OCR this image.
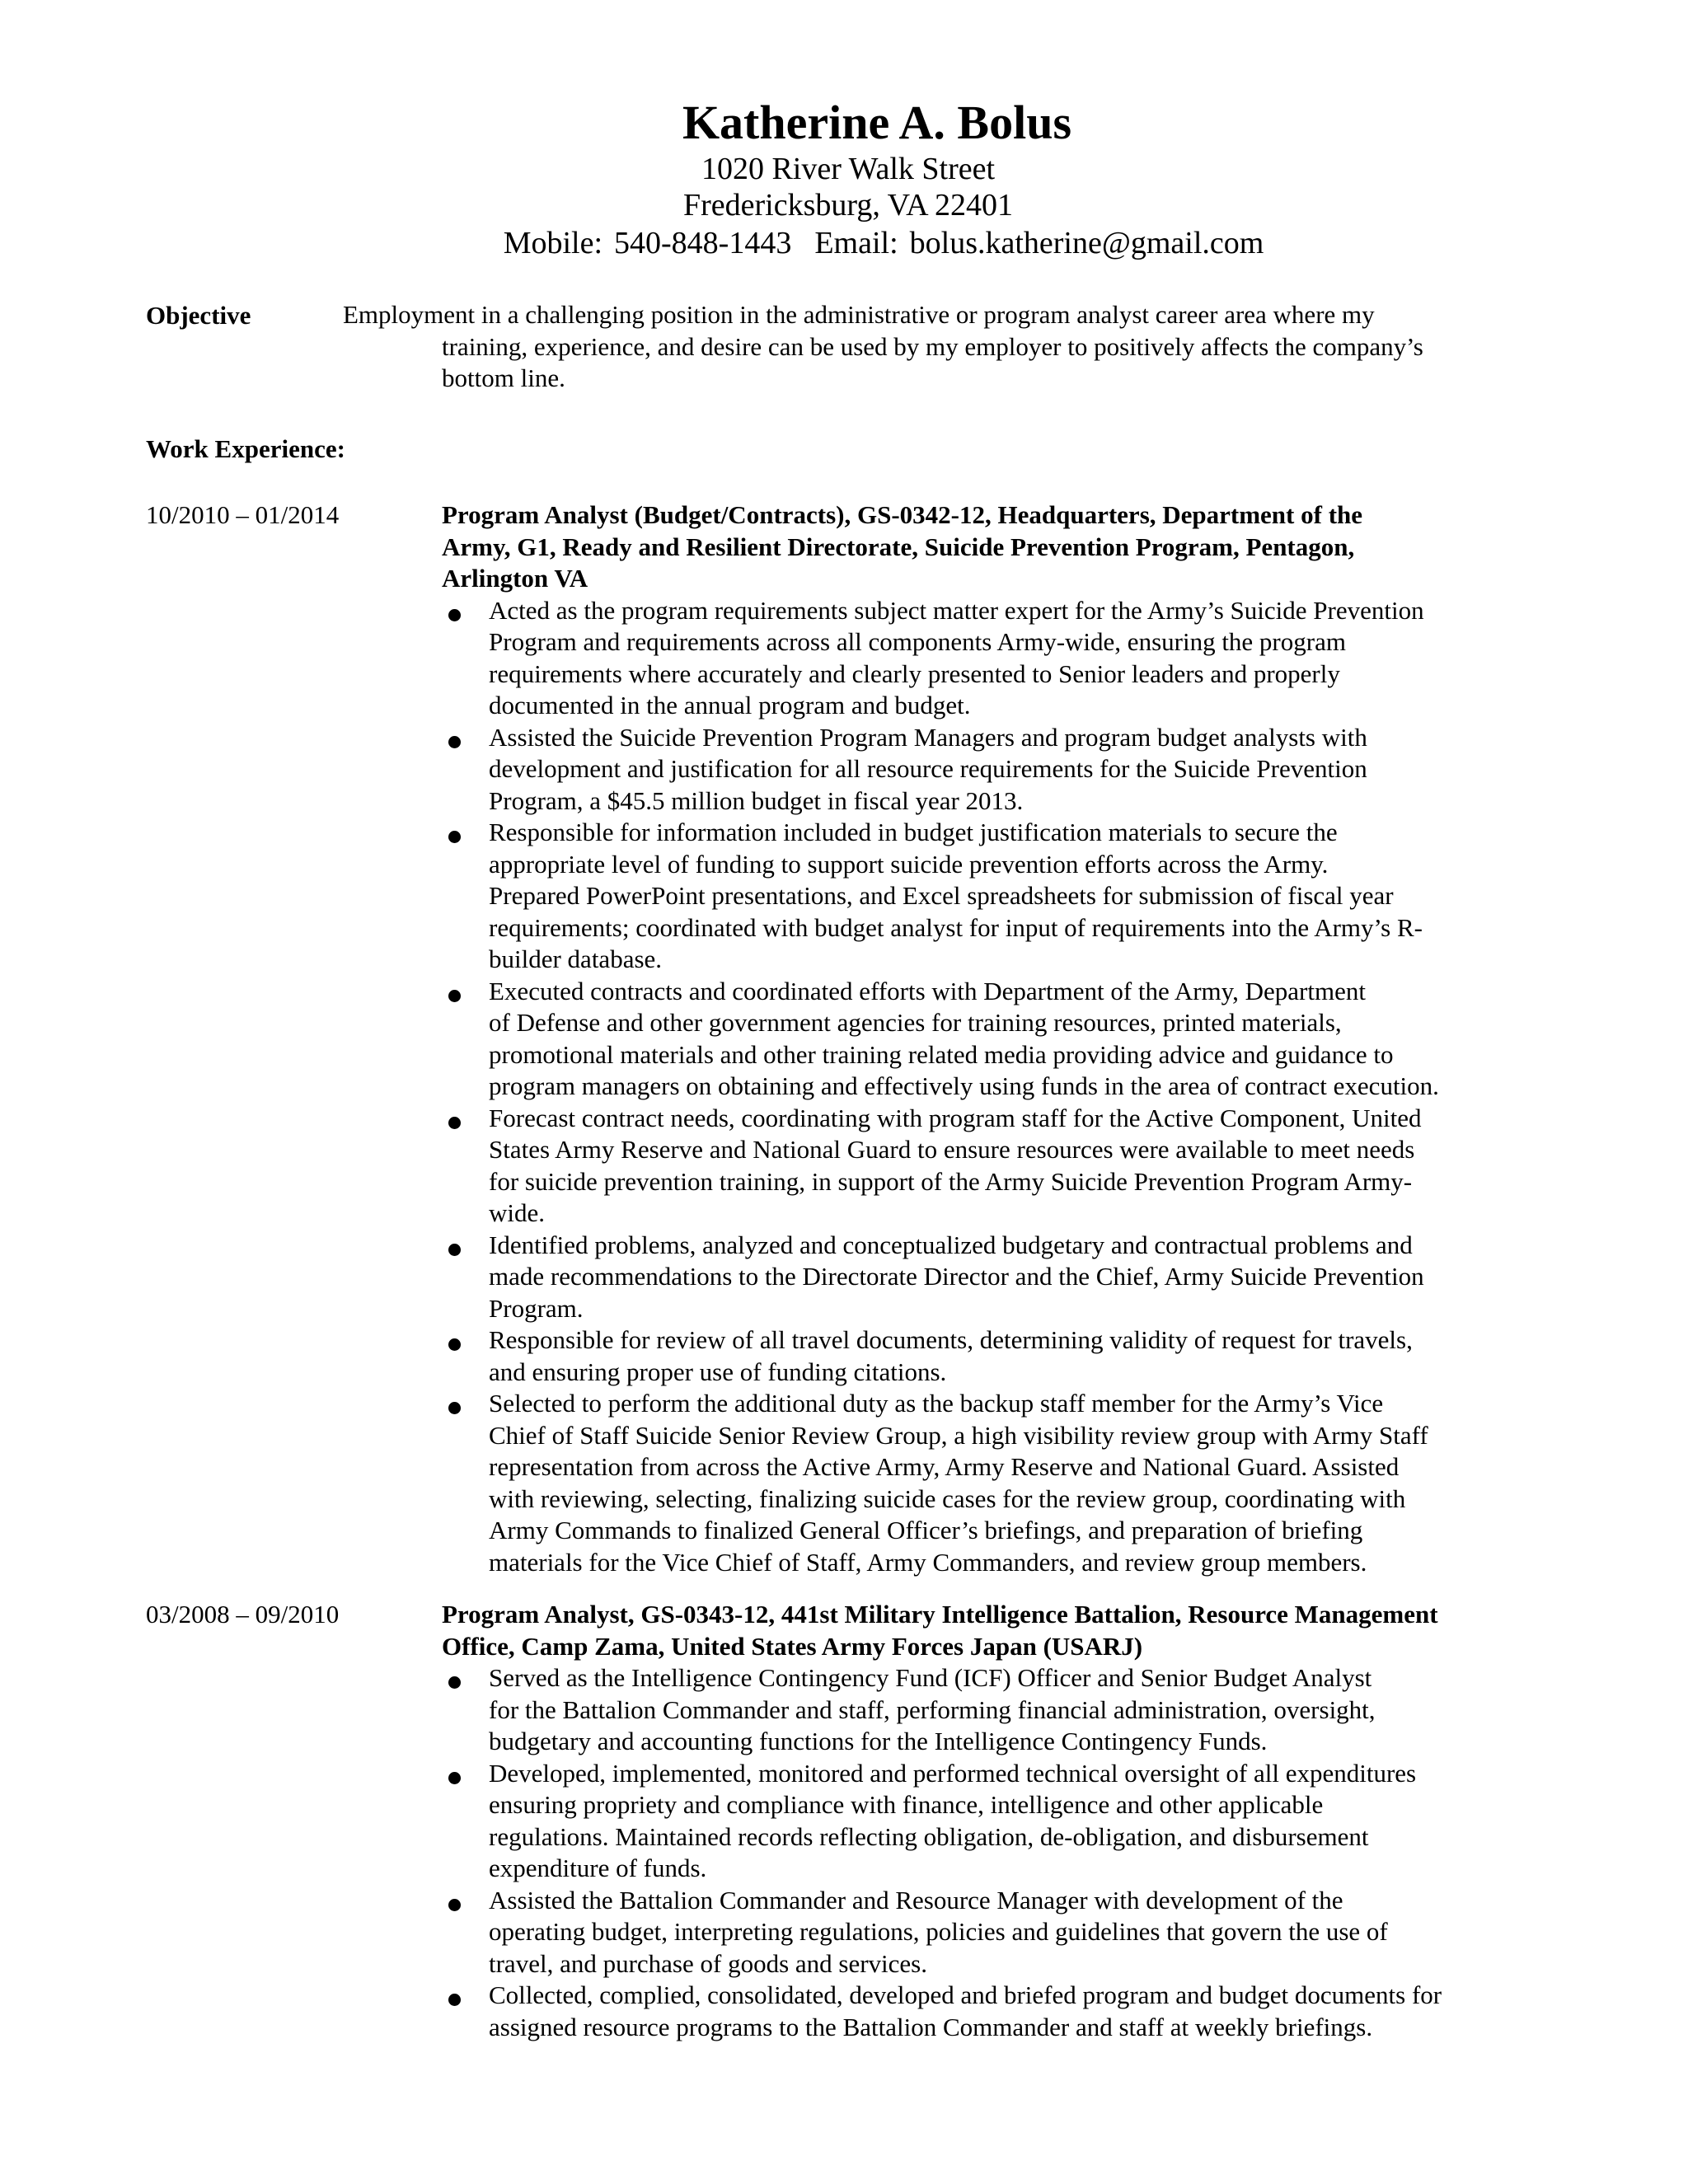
Katherine A. Bolus
1020 River Walk Street
Fredericksburg, VA 22401
Mobile: 540-848-1443 Email: bolus.katherine@gmail.com
Objective	Employment in a challenging position in the administrative or program analyst career area where my
training, experience, and desire can be used by my employer to positively affects the company’s
bottom line.
Work Experience:
10/2010 – 01/2014	Program Analyst (Budget/Contracts), GS-0342-12, Headquarters, Department of the
Army, G1, Ready and Resilient Directorate, Suicide Prevention Program, Pentagon,
Arlington VA
Acted as the program requirements subject matter expert for the Army’s Suicide Prevention
Program and requirements across all components Army-wide, ensuring the program
requirements where accurately and clearly presented to Senior leaders and properly
documented in the annual program and budget.
Assisted the Suicide Prevention Program Managers and program budget analysts with
development and justification for all resource requirements for the Suicide Prevention
Program, a $45.5 million budget in fiscal year 2013.
Responsible for information included in budget justification materials to secure the
appropriate level of funding to support suicide prevention efforts across the Army.
Prepared PowerPoint presentations, and Excel spreadsheets for submission of fiscal year
requirements; coordinated with budget analyst for input of requirements into the Army’s R-
builder database.
Executed contracts and coordinated efforts with Department of the Army, Department
of Defense and other government agencies for training resources, printed materials,
promotional materials and other training related media providing advice and guidance to
program managers on obtaining and effectively using funds in the area of contract execution.
Forecast contract needs, coordinating with program staff for the Active Component, United
States Army Reserve and National Guard to ensure resources were available to meet needs
for suicide prevention training, in support of the Army Suicide Prevention Program Army-
wide.
Identified problems, analyzed and conceptualized budgetary and contractual problems and
made recommendations to the Directorate Director and the Chief, Army Suicide Prevention
Program.
Responsible for review of all travel documents, determining validity of request for travels,
and ensuring proper use of funding citations.
Selected to perform the additional duty as the backup staff member for the Army’s Vice
Chief of Staff Suicide Senior Review Group, a high visibility review group with Army Staff
representation from across the Active Army, Army Reserve and National Guard. Assisted
with reviewing, selecting, finalizing suicide cases for the review group, coordinating with
Army Commands to finalized General Officer’s briefings, and preparation of briefing
materials for the Vice Chief of Staff, Army Commanders, and review group members.
03/2008 – 09/2010	Program Analyst, GS-0343-12, 441st Military Intelligence Battalion, Resource Management
Office, Camp Zama, United States Army Forces Japan (USARJ)
Served as the Intelligence Contingency Fund (ICF) Officer and Senior Budget Analyst
for the Battalion Commander and staff, performing financial administration, oversight,
budgetary and accounting functions for the Intelligence Contingency Funds.
Developed, implemented, monitored and performed technical oversight of all expenditures
ensuring propriety and compliance with finance, intelligence and other applicable
regulations. Maintained records reflecting obligation, de-obligation, and disbursement
expenditure of funds.
Assisted the Battalion Commander and Resource Manager with development of the
operating budget, interpreting regulations, policies and guidelines that govern the use of
travel, and purchase of goods and services.
Collected, complied, consolidated, developed and briefed program and budget documents for
assigned resource programs to the Battalion Commander and staff at weekly briefings.
